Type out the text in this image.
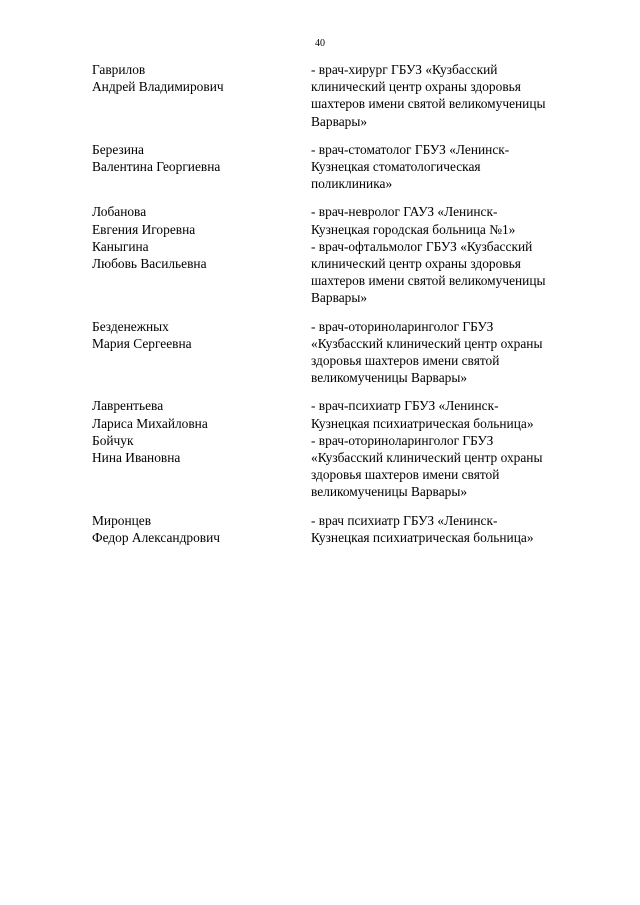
40
Гаврилов
Андрей Владимирович
- врач-хирург ГБУЗ «Кузбасский
клинический центр охраны здоровья
шахтеров имени святой великомученицы
Варвары»
Березина
Валентина Георгиевна
- врач-стоматолог ГБУЗ «Ленинск-
Кузнецкая стоматологическая
поликлиника»
Лобанова
Евгения Игоревна
- врач-невролог ГАУЗ «Ленинск-
Кузнецкая городская больница №1»
Каныгина
Любовь Васильевна
- врач-офтальмолог ГБУЗ «Кузбасский
клинический центр охраны здоровья
шахтеров имени святой великомученицы
Варвары»
Безденежных
Мария Сергеевна
- врач-оториноларинголог ГБУЗ
«Кузбасский клинический центр охраны
здоровья шахтеров имени святой
великомученицы Варвары»
Лаврентьева
Лариса Михайловна
- врач-психиатр ГБУЗ «Ленинск-
Кузнецкая психиатрическая больница»
Бойчук
Нина Ивановна
- врач-оториноларинголог ГБУЗ
«Кузбасский клинический центр охраны
здоровья шахтеров имени святой
великомученицы Варвары»
Миронцев
Федор Александрович
- врач психиатр ГБУЗ «Ленинск-
Кузнецкая психиатрическая больница»
